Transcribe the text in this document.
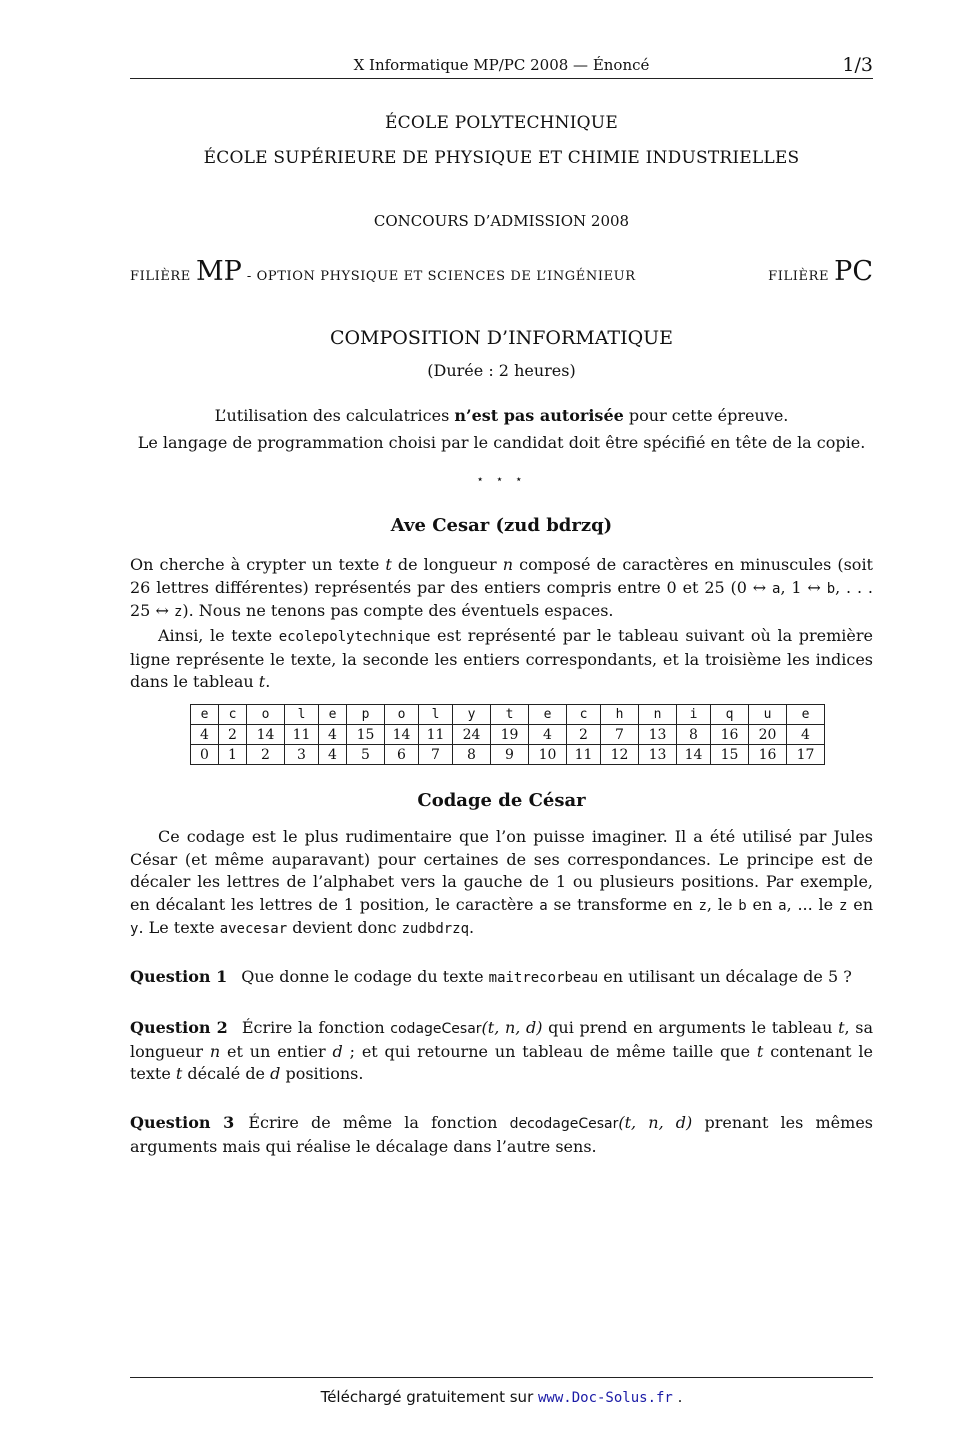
X Informatique MP/PC 2008 — Énoncé	1/3
ÉCOLE POLYTECHNIQUE
ÉCOLE SUPÉRIEURE DE PHYSIQUE ET CHIMIE INDUSTRIELLES
CONCOURS D’ADMISSION 2008
FILIÈRE MP - OPTION PHYSIQUE ET SCIENCES DE L’INGÉNIEUR	FILIÈRE PC
COMPOSITION D’INFORMATIQUE
(Durée : 2 heures)
L’utilisation des calculatrices n’est pas autorisée pour cette épreuve.
Le langage de programmation choisi par le candidat doit être spécifié en tête de la copie.
⋆ ⋆ ⋆
Ave Cesar (zud bdrzq)
On cherche à crypter un texte t de longueur n composé de caractères en minuscules (soit 26 lettres différentes) représentés par des entiers compris entre 0 et 25 (0 ↔ a, 1 ↔ b, . . . 25 ↔ z). Nous ne tenons pas compte des éventuels espaces.
Ainsi, le texte ecolepolytechnique est représenté par le tableau suivant où la première ligne représente le texte, la seconde les entiers correspondants, et la troisième les indices dans le tableau t.
e	c	o	l	e	p	o	l	y	t	e	c	h	n	i	q	u	e
4	2	14	11	4	15	14	11	24	19	4	2	7	13	8	16	20	4
0	1	2	3	4	5	6	7	8	9	10	11	12	13	14	15	16	17
Codage de César
Ce codage est le plus rudimentaire que l’on puisse imaginer. Il a été utilisé par Jules César (et même auparavant) pour certaines de ses correspondances. Le principe est de décaler les lettres de l’alphabet vers la gauche de 1 ou plusieurs positions. Par exemple, en décalant les lettres de 1 position, le caractère a se transforme en z, le b en a, ... le z en y. Le texte avecesar devient donc zudbdrzq.
Question 1 Que donne le codage du texte maitrecorbeau en utilisant un décalage de 5 ?
Question 2 Écrire la fonction codageCesar(t, n, d) qui prend en arguments le tableau t, sa longueur n et un entier d ; et qui retourne un tableau de même taille que t contenant le texte t décalé de d positions.
Question 3 Écrire de même la fonction decodageCesar(t, n, d) prenant les mêmes arguments mais qui réalise le décalage dans l’autre sens.
Téléchargé gratuitement sur www.Doc-Solus.fr .
